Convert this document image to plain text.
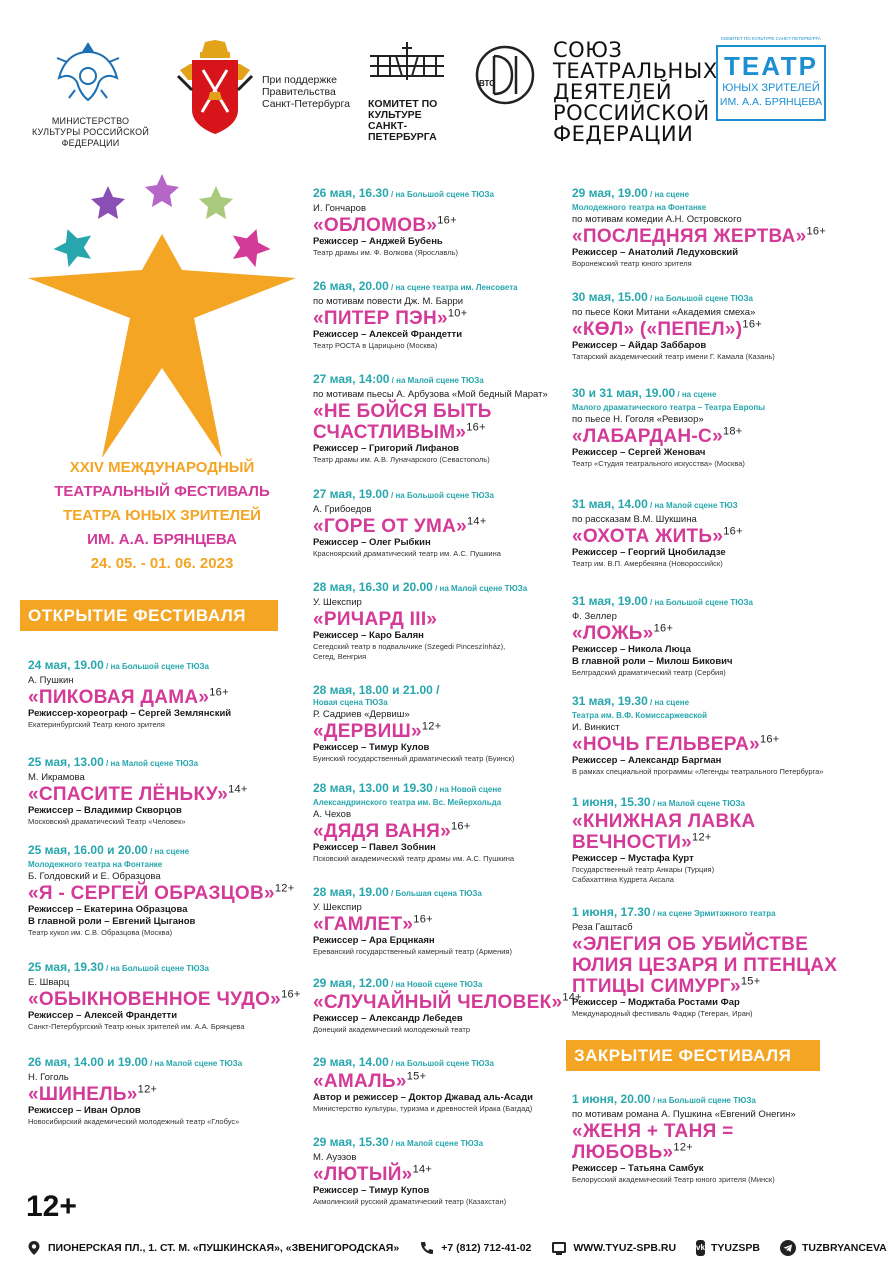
МИНИСТЕРСТВО КУЛЬТУРЫ РОССИЙСКОЙ ФЕДЕРАЦИИ
При поддержке Правительства Санкт-Петербурга КОМИТЕТ ПО КУЛЬТУРЕ САНКТ-ПЕТЕРБУРГА
ВТО
СОЮЗ
ТЕАТРАЛЬНЫХ
ДЕЯТЕЛЕЙ
РОССИЙСКОЙ
ФЕДЕРАЦИИ
КОМИТЕТ ПО КУЛЬТУРЕ САНКТ-ПЕТЕРБУРГА
ТЕАТР
ЮНЫХ ЗРИТЕЛЕЙ
ИМ. А.А. БРЯНЦЕВА
XXIV МЕЖДУНАРОДНЫЙ
ТЕАТРАЛЬНЫЙ ФЕСТИВАЛЬ
ТЕАТРА ЮНЫХ ЗРИТЕЛЕЙ
ИМ. А.А. БРЯНЦЕВА
24. 05. - 01. 06. 2023
ОТКРЫТИЕ ФЕСТИВАЛЯ
ЗАКРЫТИЕ ФЕСТИВАЛЯ
24 мая, 19.00 / на Большой сцене ТЮЗа
А. Пушкин
«ПИКОВАЯ ДАМА»$^{16+}$
Режиссер-хореограф – Сергей Землянский
Екатеринбургский Театр юного зрителя
25 мая, 13.00 / на Малой сцене ТЮЗа
М. Икрамова
«СПАСИТЕ ЛЁНЬКУ»$^{14+}$
Режиссер – Владимир Скворцов
Московский драматический Театр «Человек»
25 мая, 16.00 и 20.00 / на сцене
Молодежного театра на Фонтанке
Б. Голдовский и Е. Образцова
«Я - СЕРГЕЙ ОБРАЗЦОВ»$^{12+}$
Режиссер – Екатерина Образцова
В главной роли – Евгений Цыганов
Театр кукол им. С.В. Образцова (Москва)
25 мая, 19.30 / на Большой сцене ТЮЗа
Е. Шварц
«ОБЫКНОВЕННОЕ ЧУДО»$^{16+}$
Режиссер – Алексей Франдетти
Санкт-Петербургский Театр юных зрителей им. А.А. Брянцева
26 мая, 14.00 и 19.00 / на Малой сцене ТЮЗа
Н. Гоголь
«ШИНЕЛЬ»$^{12+}$
Режиссер – Иван Орлов
Новосибирский академический молодежный театр «Глобус»
26 мая, 16.30 / на Большой сцене ТЮЗа
И. Гончаров
«ОБЛОМОВ»$^{16+}$
Режиссер – Анджей Бубень
Театр драмы им. Ф. Волкова (Ярославль)
26 мая, 20.00 / на сцене театра им. Ленсовета
по мотивам повести Дж. М. Барри
«ПИТЕР ПЭН»$^{10+}$
Режиссер – Алексей Франдетти
Театр РОСТА в Царицыно (Москва)
27 мая, 14:00 / на Малой сцене ТЮЗа
по мотивам пьесы А. Арбузова «Мой бедный Марат»
«НЕ БОЙСЯ БЫТЬ
СЧАСТЛИВЫМ»$^{16+}$
Режиссер – Григорий Лифанов
Театр драмы им. А.В. Луначарского (Севастополь)
27 мая, 19.00 / на Большой сцене ТЮЗа
А. Грибоедов
«ГОРЕ ОТ УМА»$^{14+}$
Режиссер – Олег Рыбкин
Красноярский драматический театр им. А.С. Пушкина
28 мая, 16.30 и 20.00 / на Малой сцене ТЮЗа
У. Шекспир
«РИЧАРД III»
Режиссер – Каро Балян
Сегедский театр в подвальчике (Szegedi Pinceszínház),
Сегед, Венгрия
28 мая, 18.00 и 21.00 /
Новая сцена ТЮЗа
Р. Садриев «Дервиш»
«ДЕРВИШ»$^{12+}$
Режиссер – Тимур Кулов
Буинский государственный драматический театр (Буинск)
28 мая, 13.00 и 19.30 / на Новой сцене
Александринского театра им. Вс. Мейерхольда
А. Чехов
«ДЯДЯ ВАНЯ»$^{16+}$
Режиссер – Павел Зобнин
Псковский академический театр драмы им. А.С. Пушкина
28 мая, 19.00 / Большая сцена ТЮЗа
У. Шекспир
«ГАМЛЕТ»$^{16+}$
Режиссер – Ара Ерцнкаян
Ереванский государственный камерный театр (Армения)
29 мая, 12.00 / на Новой сцене ТЮЗа
«СЛУЧАЙНЫЙ ЧЕЛОВЕК»$^{14+}$
Режиссер – Александр Лебедев
Донецкий академический молодежный театр
29 мая, 14.00 / на Большой сцене ТЮЗа
«АМАЛЬ»$^{15+}$
Автор и режиссер – Доктор Джавад аль-Асади
Министерство культуры, туризма и древностей Ирака (Багдад)
29 мая, 15.30 / на Малой сцене ТЮЗа
М. Ауэзов
«ЛЮТЫЙ»$^{14+}$
Режиссер – Тимур Купов
Акмолинский русский драматический театр (Казахстан)
29 мая, 19.00 / на сцене
Молодежного театра на Фонтанке
по мотивам комедии А.Н. Островского
«ПОСЛЕДНЯЯ ЖЕРТВА»$^{16+}$
Режиссер – Анатолий Ледуховский
Воронежский театр юного зрителя
30 мая, 15.00 / на Большой сцене ТЮЗа
по пьесе Коки Митани «Академия смеха»
«КӨЛ» («ПЕПЕЛ»)$^{16+}$
Режиссер – Айдар Заббаров
Татарский академический театр имени Г. Камала (Казань)
30 и 31 мая, 19.00 / на сцене
Малого драматического театра – Театра Европы
по пьесе Н. Гоголя «Ревизор»
«ЛАБАРДАН-С»$^{18+}$
Режиссер – Сергей Женовач
Театр «Студия театрального искусства» (Москва)
31 мая, 14.00 / на Малой сцене ТЮЗ
по рассказам В.М. Шукшина
«ОХОТА ЖИТЬ»$^{16+}$
Режиссер – Георгий Цнобиладзе
Театр им. В.П. Амербекяна (Новороссийск)
31 мая, 19.00 / на Большой сцене ТЮЗа
Ф. Зеллер
«ЛОЖЬ»$^{16+}$
Режиссер – Никола Люца
В главной роли – Милош Бикович
Белградский драматический театр (Сербия)
31 мая, 19.30 / на сцене
Театра им. В.Ф. Комиссаржевской
И. Винкист
«НОЧЬ ГЕЛЬВЕРА»$^{16+}$
Режиссер – Александр Баргман
В рамках специальной программы «Легенды театрального Петербурга»
1 июня, 15.30 / на Малой сцене ТЮЗа
«КНИЖНАЯ ЛАВКА
ВЕЧНОСТИ»$^{12+}$
Режиссер – Мустафа Курт
Государственный театр Анкары (Турция)
Сабахаттина Кудрета Аксала
1 июня, 17.30 / на сцене Эрмитажного театра
Реза Гаштасб
«ЭЛЕГИЯ ОБ УБИЙСТВЕ
ЮЛИЯ ЦЕЗАРЯ И ПТЕНЦАХ
ПТИЦЫ СИМУРГ»$^{15+}$
Режиссер – Моджтаба Ростами Фар
Международный фестиваль Фаджр (Тегеран, Иран)
1 июня, 20.00 / на Большой сцене ТЮЗа
по мотивам романа А. Пушкина «Евгений Онегин»
«ЖЕНЯ + ТАНЯ = ЛЮБОВЬ»$^{12+}$
Режиссер – Татьяна Самбук
Белорусский академический Театр юного зрителя (Минск)
12+
ПИОНЕРСКАЯ ПЛ., 1. СТ. М. «ПУШКИНСКАЯ», «ЗВЕНИГОРОДСКАЯ»	+7 (812) 712-41-02	WWW.TYUZ-SPB.RU	vk TYUZSPB	TUZBRYANCEVA
